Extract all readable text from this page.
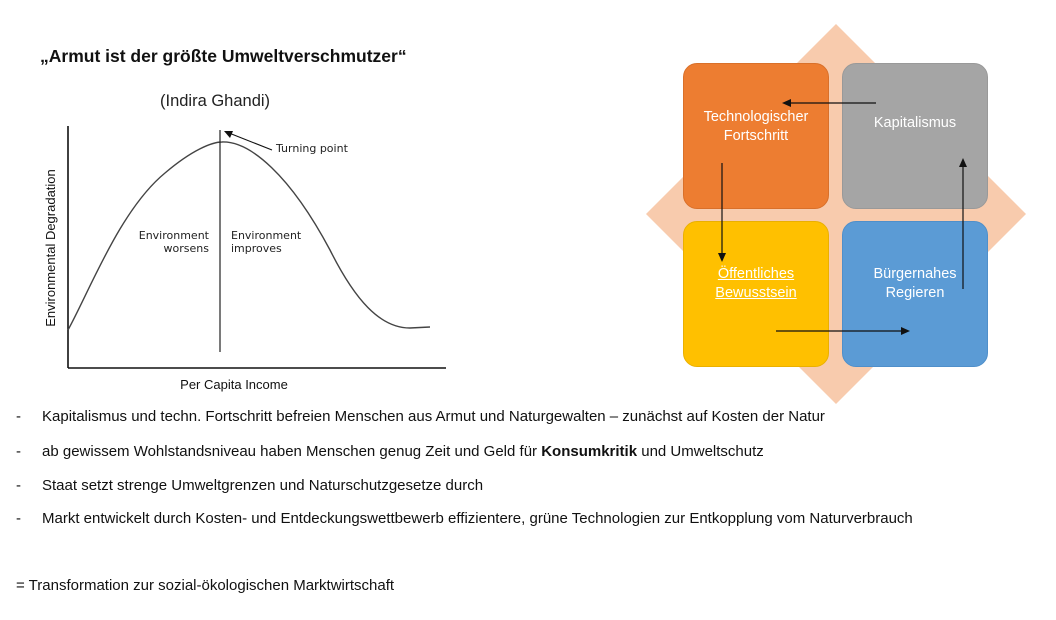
„Armut ist der größte Umweltverschmutzer“
(Indira Ghandi)
Turning point
Environment
worsens
Environment
improves
Environmental Degradation
Per Capita Income
Technologischer
Fortschritt
Kapitalismus
Öffentliches
Bewusstsein
Bürgernahes
Regieren
- Kapitalismus und techn. Fortschritt befreien Menschen aus Armut und Naturgewalten – zunächst auf Kosten der Natur
- ab gewissem Wohlstandsniveau haben Menschen genug Zeit und Geld für Konsumkritik und Umweltschutz
- Staat setzt strenge Umweltgrenzen und Naturschutzgesetze durch
- Markt entwickelt durch Kosten- und Entdeckungswettbewerb effizientere, grüne Technologien zur Entkopplung vom Naturverbrauch
= Transformation zur sozial-ökologischen Marktwirtschaft
